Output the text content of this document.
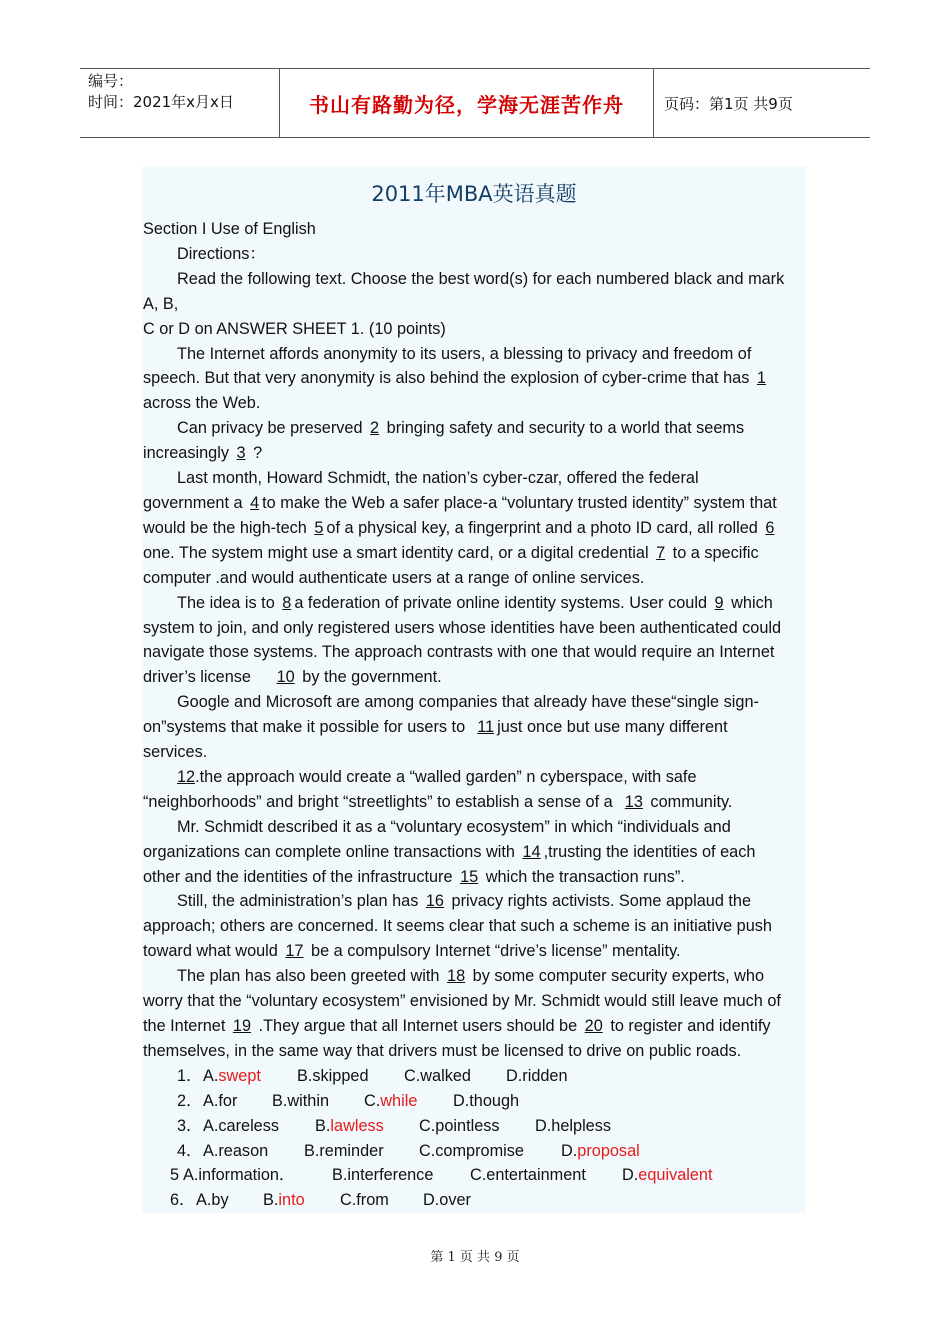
编号：
时间：2021年x月x日	书山有路勤为径，学海无涯苦作舟	页码：第1页 共9页
2011年MBA英语真题

Section I Use of English

Directions：

Read the following text. Choose the best word(s) for each numbered black and mark

A, B,

C or D on ANSWER SHEET 1. (10 points)

The Internet affords anonymity to its users, a blessing to privacy and freedom of

speech. But that very anonymity is also behind the explosion of cyber-crime that has 1

across the Web.

Can privacy be preserved 2 bringing safety and security to a world that seems

increasingly 3 ?

Last month, Howard Schmidt, the nation’s cyber-czar, offered the federal

government a 4 to make the Web a safer place-a “voluntary trusted identity” system that

would be the high-tech 5 of a physical key, a fingerprint and a photo ID card, all rolled 6

one. The system might use a smart identity card, or a digital credential 7 to a specific

computer .and would authenticate users at a range of online services.

The idea is to 8 a federation of private online identity systems. User could 9 which

system to join, and only registered users whose identities have been authenticated could

navigate those systems. The approach contrasts with one that would require an Internet

driver’s license     10 by the government.

Google and Microsoft are among companies that already have these“single sign-

on”systems that make it possible for users to  11 just once but use many different

services.

12.the approach would create a “walled garden” n cyberspace, with safe

“neighborhoods” and bright “streetlights” to establish a sense of a  13 community.

Mr. Schmidt described it as a “voluntary ecosystem” in which “individuals and

organizations can complete online transactions with 14 ,trusting the identities of each

other and the identities of the infrastructure 15 which the transaction runs”.

Still, the administration’s plan has 16 privacy rights activists. Some applaud the

approach; others are concerned. It seems clear that such a scheme is an initiative push

toward what would 17 be a compulsory Internet “drive’s license” mentality.

The plan has also been greeted with 18 by some computer security experts, who

worry that the “voluntary ecosystem” envisioned by Mr. Schmidt would still leave much of

the Internet 19 .They argue that all Internet users should be 20 to register and identify

themselves, in the same way that drivers must be licensed to drive on public roads.

1． A.swept	B.skipped	C.walked	D.ridden
2． A.for	B.within	C.while	D.though
3． A.careless	B.lawless	C.pointless	D.helpless
4． A.reason	B.reminder	C.compromise	D.proposal
5 A.information．	B.interference	C.entertainment	D.equivalent
6． A.by	B.into	C.from	D.over
第 1 页 共 9 页
